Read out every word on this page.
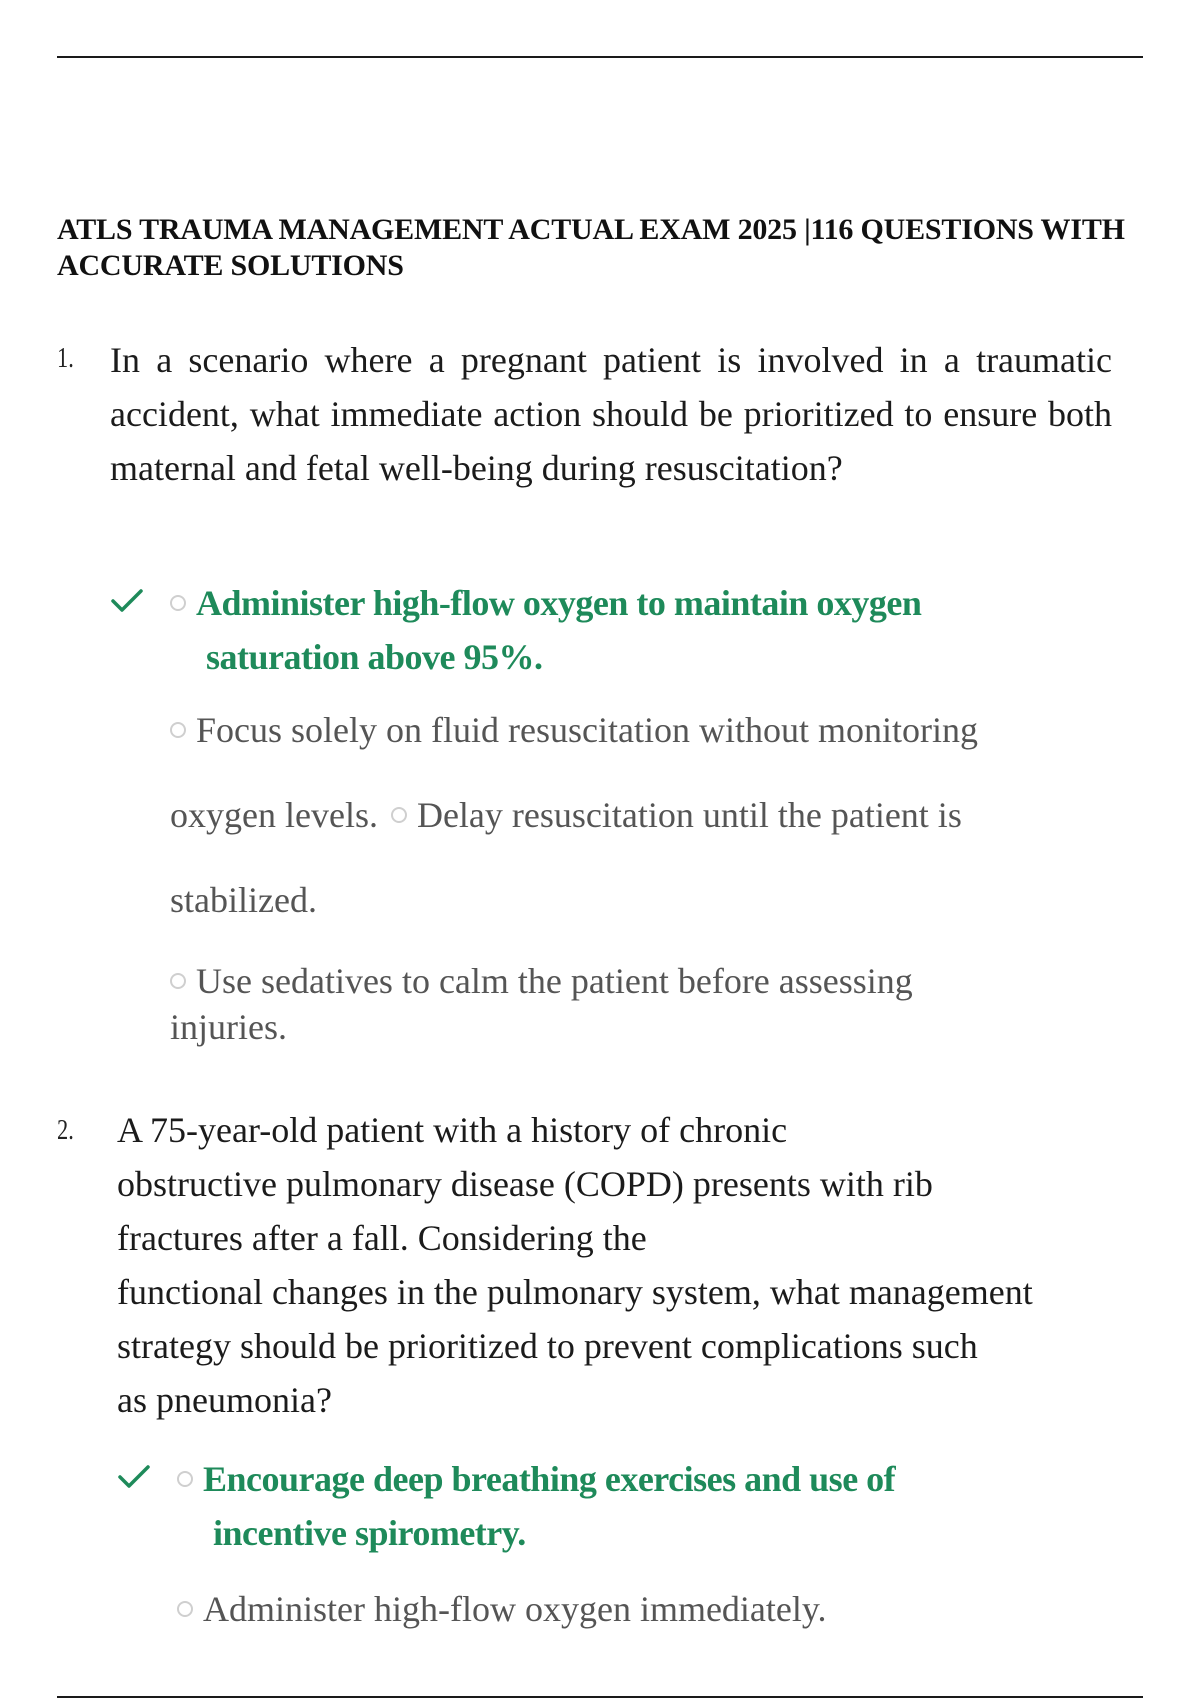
ATLS TRAUMA MANAGEMENT ACTUAL EXAM 2025 |116 QUESTIONS WITH ACCURATE SOLUTIONS
1. In a scenario where a pregnant patient is involved in a traumatic accident, what immediate action should be prioritized to ensure both maternal and fetal well-being during resuscitation?
Administer high-flow oxygen to maintain oxygen
saturation above 95%.
Focus solely on fluid resuscitation without monitoring
oxygen levels. Delay resuscitation until the patient is
stabilized.
Use sedatives to calm the patient before assessing
injuries.
2. A 75-year-old patient with a history of chronic
obstructive pulmonary disease (COPD) presents with rib
fractures after a fall. Considering the
functional changes in the pulmonary system, what management
strategy should be prioritized to prevent complications such
as pneumonia?
Encourage deep breathing exercises and use of
incentive spirometry.
Administer high-flow oxygen immediately.
